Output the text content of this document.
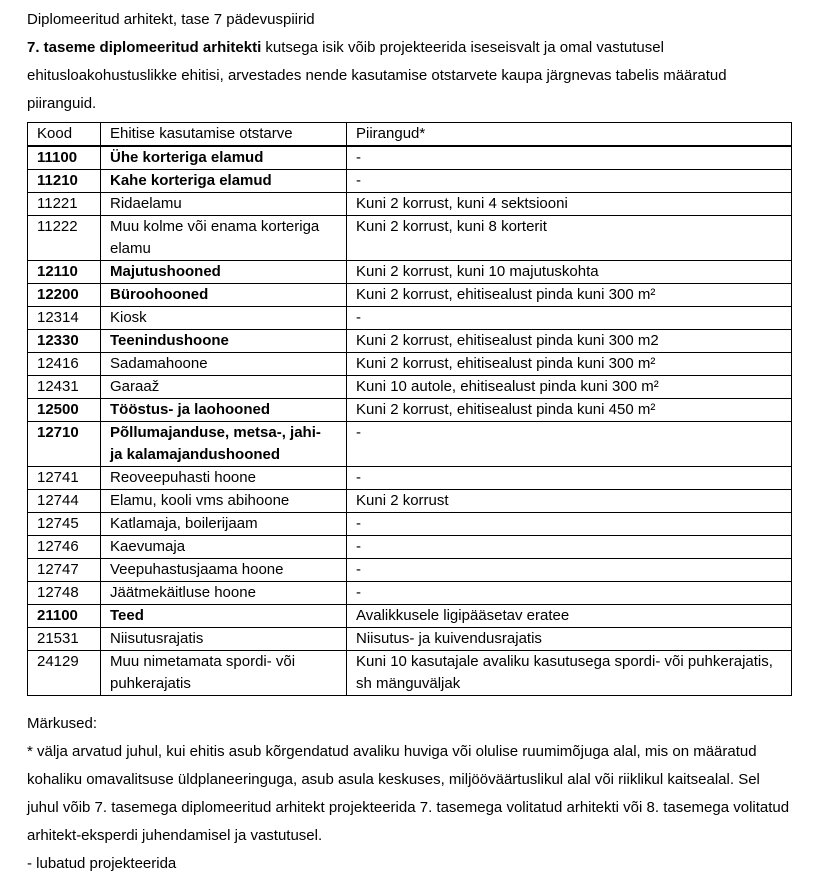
Diplomeeritud arhitekt, tase 7 pädevuspiirid

7. taseme diplomeeritud arhitekti kutsega isik võib projekteerida iseseisvalt ja omal vastutusel ehitusloakohustuslikke ehitisi, arvestades nende kasutamise otstarvete kaupa järgnevas tabelis määratud piiranguid.

Kood	Ehitise kasutamise otstarve	Piirangud*
11100	Ühe korteriga elamud	-
11210	Kahe korteriga elamud	-
11221	Ridaelamu	Kuni 2 korrust, kuni 4 sektsiooni
11222	Muu kolme või enama korteriga elamu	Kuni 2 korrust, kuni 8 korterit
12110	Majutushooned	Kuni 2 korrust, kuni 10 majutuskohta
12200	Büroohooned	Kuni 2 korrust, ehitisealust pinda kuni 300 m²
12314	Kiosk	-
12330	Teenindushoone	Kuni 2 korrust, ehitisealust pinda kuni 300 m2
12416	Sadamahoone	Kuni 2 korrust, ehitisealust pinda kuni 300 m²
12431	Garaaž	Kuni 10 autole, ehitisealust pinda kuni 300 m²
12500	Tööstus- ja laohooned	Kuni 2 korrust, ehitisealust pinda kuni 450 m²
12710	Põllumajanduse, metsa-, jahi- ja kalamajandushooned	-
12741	Reoveepuhasti hoone	-
12744	Elamu, kooli vms abihoone	Kuni 2 korrust
12745	Katlamaja, boilerijaam	-
12746	Kaevumaja	-
12747	Veepuhastusjaama hoone	-
12748	Jäätmekäitluse hoone	-
21100	Teed	Avalikkusele ligipääsetav eratee
21531	Niisutusrajatis	Niisutus- ja kuivendusrajatis
24129	Muu nimetamata spordi- või puhkerajatis	Kuni 10 kasutajale avaliku kasutusega spordi- või puhkerajatis, sh mänguväljak

Märkused:

* välja arvatud juhul, kui ehitis asub kõrgendatud avaliku huviga või olulise ruumimõjuga alal, mis on määratud kohaliku omavalitsuse üldplaneeringuga, asub asula keskuses, miljööväärtuslikul alal või riiklikul kaitsealal. Sel juhul võib 7. tasemega diplomeeritud arhitekt projekteerida 7. tasemega volitatud arhitekti või 8. tasemega volitatud arhitekt-eksperdi juhendamisel ja vastutusel.

- lubatud projekteerida
